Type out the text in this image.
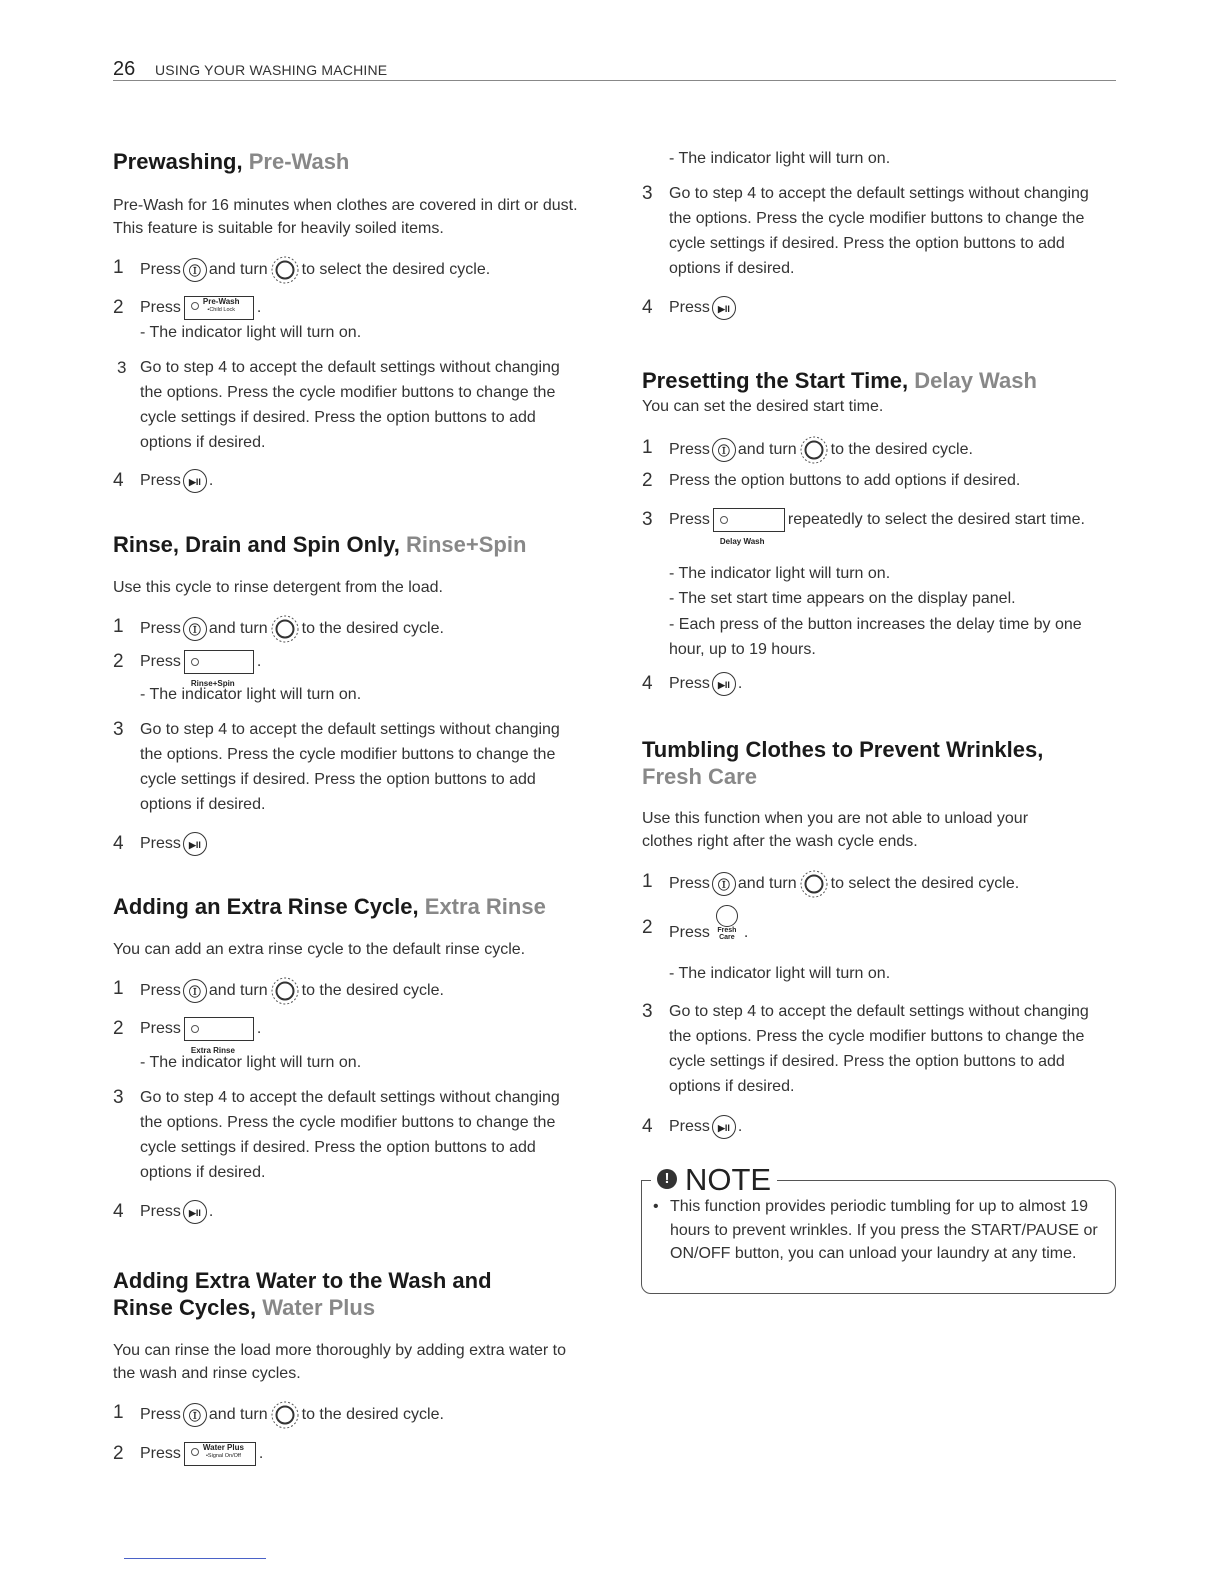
26 USING YOUR WASHING MACHINE
Prewashing, Pre-Wash

Pre-Wash for 16 minutes when clothes are covered in dirt or dust. This feature is suitable for heavily soiled items.

1 Press Ⓘ and turn to select the desired cycle.
2 Press	Pre-Wash
•Child Lock .
- The indicator light will turn on.
3 Go to step 4 to accept the default settings without changing the options. Press the cycle modifier buttons to change the cycle settings if desired. Press the option buttons to add options if desired.
4 Press ▶II .
Rinse, Drain and Spin Only, Rinse+Spin

Use this cycle to rinse detergent from the load.

1 Press Ⓘ and turn to the desired cycle.
2 PressRinse+Spin.
- The indicator light will turn on.
3 Go to step 4 to accept the default settings without changing the options. Press the cycle modifier buttons to change the cycle settings if desired. Press the option buttons to add options if desired.
4 Press ▶II
Adding an Extra Rinse Cycle, Extra Rinse

You can add an extra rinse cycle to the default rinse cycle.

1 Press Ⓘ and turn to the desired cycle.
2 PressExtra Rinse.
- The indicator light will turn on.
3 Go to step 4 to accept the default settings without changing the options. Press the cycle modifier buttons to change the cycle settings if desired. Press the option buttons to add options if desired.
4 Press ▶II .
Adding Extra Water to the Wash and
Rinse Cycles, Water Plus

You can rinse the load more thoroughly by adding extra water to the wash and rinse cycles.

1 Press Ⓘ and turn to the desired cycle.
2 Press	Water Plus
•Signal On/Off .
- The indicator light will turn on.
3 Go to step 4 to accept the default settings without changing the options. Press the cycle modifier buttons to change the cycle settings if desired. Press the option buttons to add options if desired.
4 Press ▶II
Presetting the Start Time, Delay Wash

You can set the desired start time.

1 Press Ⓘ and turn to the desired cycle.
2 Press the option buttons to add options if desired.
3 PressDelay Washrepeatedly to select the desired start time.
- The indicator light will turn on.
- The set start time appears on the display panel.
- Each press of the button increases the delay time by one hour, up to 19 hours.
4 Press ▶II .
Tumbling Clothes to Prevent Wrinkles,
Fresh Care

Use this function when you are not able to unload your clothes right after the wash cycle ends.

1 Press Ⓘ and turn to select the desired cycle.
2 Press	Fresh
Care .
- The indicator light will turn on.
3 Go to step 4 to accept the default settings without changing the options. Press the cycle modifier buttons to change the cycle settings if desired. Press the option buttons to add options if desired.
4 Press ▶II .
! NOTE
• This function provides periodic tumbling for up to almost 19 hours to prevent wrinkles. If you press the START/PAUSE or ON/OFF button, you can unload your laundry at any time.
